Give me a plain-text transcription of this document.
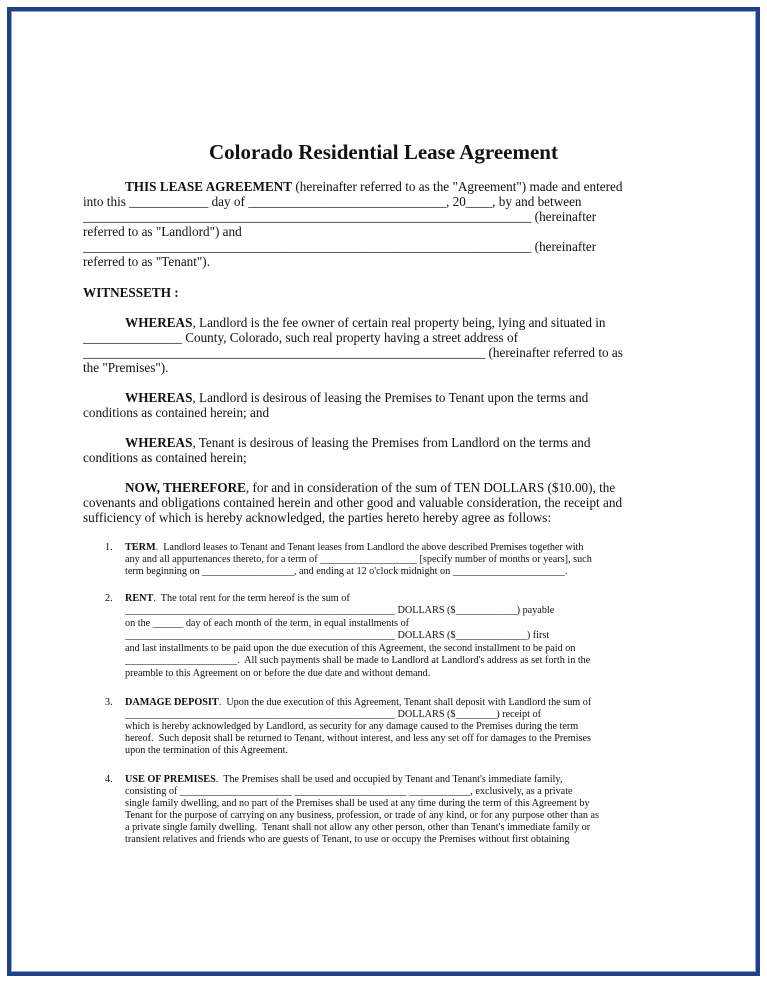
Colorado Residential Lease Agreement
THIS LEASE AGREEMENT (hereinafter referred to as the "Agreement") made and entered
into this ____________ day of ______________________________, 20____, by and between
____________________________________________________________________ (hereinafter
referred to as "Landlord") and
____________________________________________________________________ (hereinafter
referred to as "Tenant").
WITNESSETH :
WHEREAS, Landlord is the fee owner of certain real property being, lying and situated in
_______________ County, Colorado, such real property having a street address of
_____________________________________________________________ (hereinafter referred to as
the "Premises").
WHEREAS, Landlord is desirous of leasing the Premises to Tenant upon the terms and
conditions as contained herein; and
WHEREAS, Tenant is desirous of leasing the Premises from Landlord on the terms and
conditions as contained herein;
NOW, THEREFORE, for and in consideration of the sum of TEN DOLLARS ($10.00), the
covenants and obligations contained herein and other good and valuable consideration, the receipt and
sufficiency of which is hereby acknowledged, the parties hereto hereby agree as follows:
1. TERM.  Landlord leases to Tenant and Tenant leases from Landlord the above described Premises together with
any and all appurtenances thereto, for a term of ___________________ [specify number of months or years], such
term beginning on __________________, and ending at 12 o'clock midnight on ______________________.
2. RENT.  The total rent for the term hereof is the sum of
_____________________________________________________ DOLLARS ($____________) payable
on the ______ day of each month of the term, in equal installments of
_____________________________________________________ DOLLARS ($______________) first
and last installments to be paid upon the due execution of this Agreement, the second installment to be paid on
______________________.  All such payments shall be made to Landlord at Landlord's address as set forth in the
preamble to this Agreement on or before the due date and without demand.
3. DAMAGE DEPOSIT.  Upon the due execution of this Agreement, Tenant shall deposit with Landlord the sum of
_____________________________________________________ DOLLARS ($________) receipt of
which is hereby acknowledged by Landlord, as security for any damage caused to the Premises during the term
hereof.  Such deposit shall be returned to Tenant, without interest, and less any set off for damages to the Premises
upon the termination of this Agreement.
4. USE OF PREMISES.  The Premises shall be used and occupied by Tenant and Tenant's immediate family,
consisting of ______________________ ______________________ ____________, exclusively, as a private
single family dwelling, and no part of the Premises shall be used at any time during the term of this Agreement by
Tenant for the purpose of carrying on any business, profession, or trade of any kind, or for any purpose other than as
a private single family dwelling.  Tenant shall not allow any other person, other than Tenant's immediate family or
transient relatives and friends who are guests of Tenant, to use or occupy the Premises without first obtaining
